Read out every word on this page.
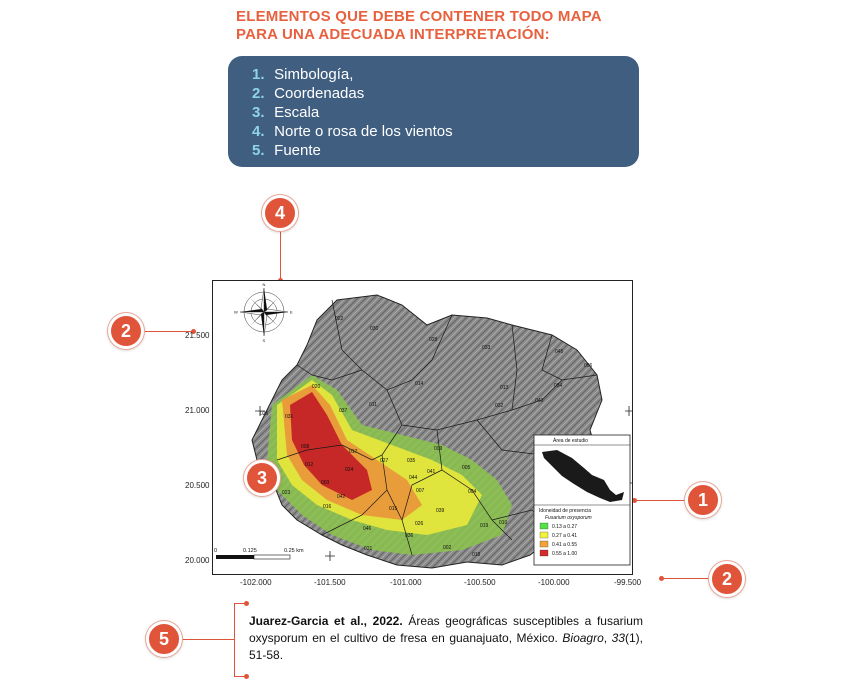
ELEMENTOS QUE DEBE CONTENER TODO MAPA
PARA UNA ADECUADA INTERPRETACIÓN:
1. Simbología,
2. Coordenadas
3. Escala
4. Norte o rosa de los vientos
5. Fuente
022
030
028
033
045
006
020	014
025	031
037
011
013
032
040
034
017
008
027	035
009
005
012
024
044
041
023
003
042
016	015
007	004
046
026
039
019 010
021
036
002
018
N
S
E
W
0	0.125	0.25 km
Área de estudio
Idoneidad de presencia
Fusarium oxysporum
0.13 a 0.27
0.27 a 0.41
0.41 a 0.55
0.55 a 1.00
21.500
21.000
20.500
20.000
-102.000	-101.500	-101.000	-100.500	-100.000	-99.500
4
2
3
1
2
5
Juarez-Garcia et al., 2022. Áreas geográficas susceptibles a fusarium oxysporum en el cultivo de fresa en guanajuato, México. Bioagro, 33(1), 51-58.
